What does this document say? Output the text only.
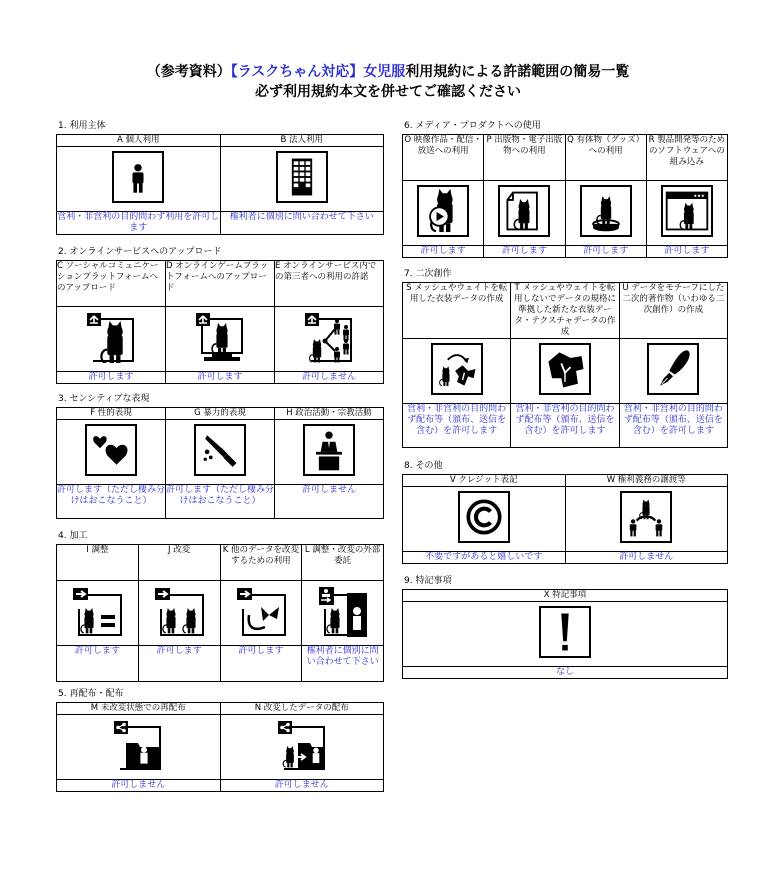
（参考資料）【ラスクちゃん対応】女児服利用規約による許諾範囲の簡易一覧
必ず利用規約本文を併せてご確認ください
1. 利用主体
A 個人利用	B 法人利用

営利・非営利の目的問わず利用を許可します	権利者に個別に問い合わせて下さい
2. オンラインサービスへのアップロード
C ソーシャルコミュニケーションプラットフォームへのアップロード	D オンラインゲームプラットフォームへのアップロード	E オンラインサービス内での第三者への利用の許諾

許可します	許可します	許可しません
3. センシティブな表現
F 性的表現	G 暴力的表現	H 政治活動・宗教活動

許可します（ただし棲み分けはおこなうこと）	許可します（ただし棲み分けはおこなうこと）	許可しません
4. 加工
I 調整	J 改変	K 他のデータを改変するための利用	L 調整・改変の外部委託

許可します	許可します	許可します	権利者に個別に問い合わせて下さい
5. 再配布・配布
M 未改変状態での再配布	N 改変したデータの配布

許可しません	許可しません
6. メディア・プロダクトへの使用
O 映像作品・配信・放送への利用	P 出版物・電子出版物への利用	Q 有体物（グッズ）への利用	R 製品開発等のためのソフトウェアへの組み込み

許可します	許可します	許可します	許可します
7. 二次創作
S メッシュやウェイトを転用した衣装データの作成	T メッシュやウェイトを転用しないでデータの規格に準拠した新たな衣装データ・テクスチャデータの作成	U データをモチーフにした二次的著作物（いわゆる二次創作）の作成

営利・非営利の目的問わず配布等（頒布、送信を含む）を許可します	営利・非営利の目的問わず配布等（頒布、送信を含む）を許可します	営利・非営利の目的問わず配布等（頒布、送信を含む）を許可します
8. その他
V クレジット表記	W 権利義務の譲渡等

不要ですがあると嬉しいです	許可しません
9. 特記事項
X 特記事項

なし
